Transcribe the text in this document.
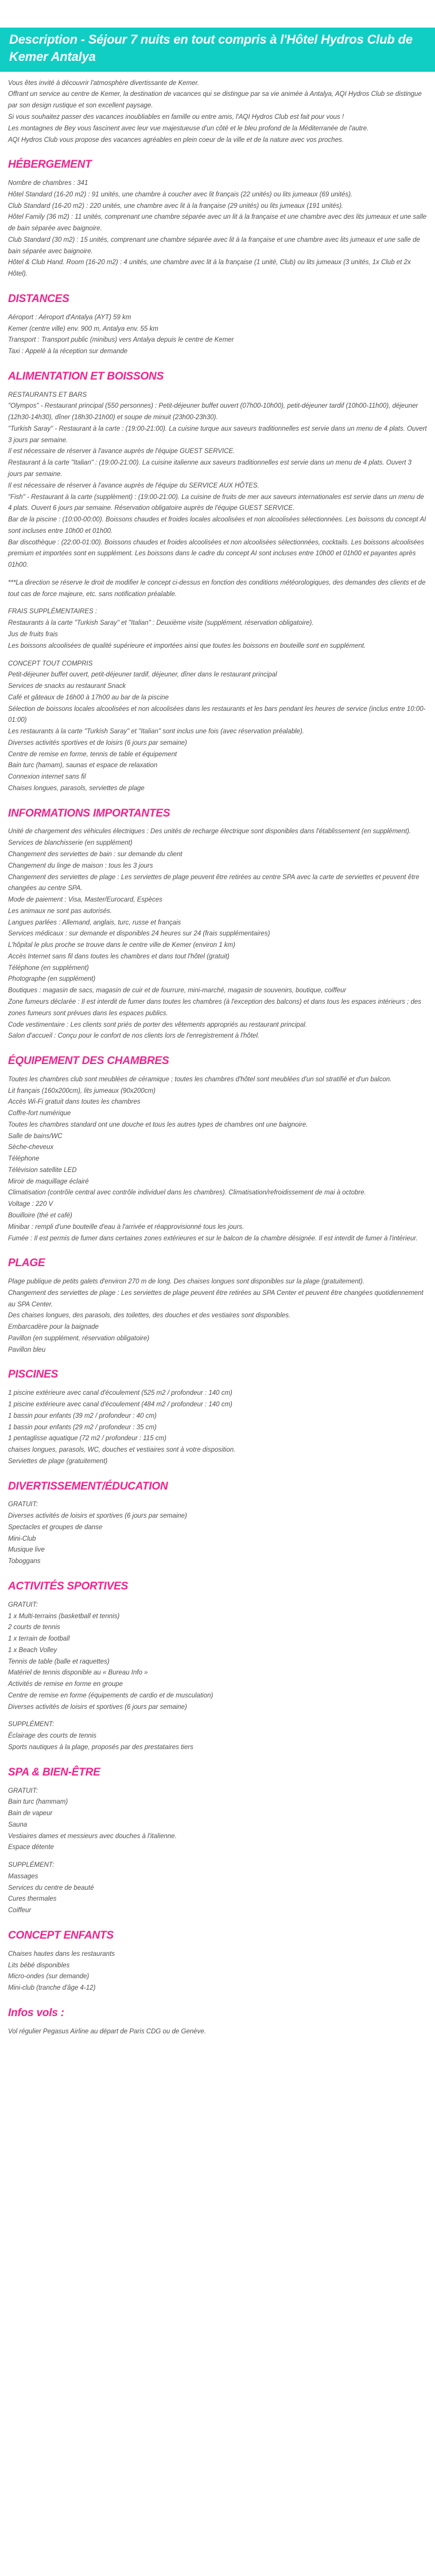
Description - Séjour 7 nuits en tout compris à l'Hôtel Hydros Club de Kemer Antalya

Vous êtes invité à découvrir l'atmosphère divertissante de Kemer.

Offrant un service au centre de Kemer, la destination de vacances qui se distingue par sa vie animée à Antalya, AQI Hydros Club se distingue par son design rustique et son excellent paysage.

Si vous souhaitez passer des vacances inoubliables en famille ou entre amis, l'AQI Hydros Club est fait pour vous !

Les montagnes de Bey vous fascinent avec leur vue majestueuse d'un côté et le bleu profond de la Méditerranée de l'autre.

AQI Hydros Club vous propose des vacances agréables en plein coeur de la ville et de la nature avec vos proches.

HÉBERGEMENT

Nombre de chambres : 341

Hôtel Standard (16-20 m2) : 91 unités, une chambre à coucher avec lit français (22 unités) ou lits jumeaux (69 unités).

Club Standard (16-20 m2) : 220 unités, une chambre avec lit à la française (29 unités) ou lits jumeaux (191 unités).

Hôtel Family (36 m2) : 11 unités, comprenant une chambre séparée avec un lit à la française et une chambre avec des lits jumeaux et une salle de bain séparée avec baignoire.

Club Standard (30 m2) : 15 unités, comprenant une chambre séparée avec lit à la française et une chambre avec lits jumeaux et une salle de bain séparée avec baignoire.

Hôtel & Club Hand. Room (16-20 m2) : 4 unités, une chambre avec lit à la française (1 unité, Club) ou lits jumeaux (3 unités, 1x Club et 2x Hôtel).

DISTANCES

Aéroport : Aéroport d'Antalya (AYT) 59 km

Kemer (centre ville) env. 900 m, Antalya env. 55 km

Transport : Transport public (minibus) vers Antalya depuis le centre de Kemer

Taxi : Appelé à la réception sur demande

ALIMENTATION ET BOISSONS

RESTAURANTS ET BARS

"Olympos" - Restaurant principal (550 personnes) : Petit-déjeuner buffet ouvert (07h00-10h00), petit-déjeuner tardif (10h00-11h00), déjeuner (12h30-14h30), dîner (18h30-21h00) et soupe de minuit (23h00-23h30).

"Turkish Saray" - Restaurant à la carte : (19:00-21:00). La cuisine turque aux saveurs traditionnelles est servie dans un menu de 4 plats. Ouvert 3 jours par semaine.

Il est nécessaire de réserver à l'avance auprès de l'équipe GUEST SERVICE.

Restaurant à la carte "Italian" : (19:00-21:00). La cuisine italienne aux saveurs traditionnelles est servie dans un menu de 4 plats. Ouvert 3 jours par semaine.

Il est nécessaire de réserver à l'avance auprès de l'équipe du SERVICE AUX HÔTES.

"Fish" - Restaurant à la carte (supplément) : (19:00-21:00). La cuisine de fruits de mer aux saveurs internationales est servie dans un menu de 4 plats. Ouvert 6 jours par semaine. Réservation obligatoire auprès de l'équipe GUEST SERVICE.

Bar de la piscine : (10:00-00:00). Boissons chaudes et froides locales alcoolisées et non alcoolisées sélectionnées. Les boissons du concept AI sont incluses entre 10h00 et 01h00.

Bar discothèque : (22:00-01:00). Boissons chaudes et froides alcoolisées et non alcoolisées sélectionnées, cocktails. Les boissons alcoolisées premium et importées sont en supplément. Les boissons dans le cadre du concept AI sont incluses entre 10h00 et 01h00 et payantes après 01h00.

***La direction se réserve le droit de modifier le concept ci-dessus en fonction des conditions météorologiques, des demandes des clients et de tout cas de force majeure, etc. sans notification préalable.

FRAIS SUPPLÉMENTAIRES :

Restaurants à la carte "Turkish Saray" et "Italian" : Deuxième visite (supplément, réservation obligatoire).

Jus de fruits frais

Les boissons alcoolisées de qualité supérieure et importées ainsi que toutes les boissons en bouteille sont en supplément.

CONCEPT TOUT COMPRIS

Petit-déjeuner buffet ouvert, petit-déjeuner tardif, déjeuner, dîner dans le restaurant principal

Services de snacks au restaurant Snack

Café et gâteaux de 16h00 à 17h00 au bar de la piscine

Sélection de boissons locales alcoolisées et non alcoolisées dans les restaurants et les bars pendant les heures de service (inclus entre 10:00-01:00)

Les restaurants à la carte "Turkish Saray" et "Italian" sont inclus une fois (avec réservation préalable).

Diverses activités sportives et de loisirs (6 jours par semaine)

Centre de remise en forme, tennis de table et équipement

Bain turc (hamam), saunas et espace de relaxation

Connexion internet sans fil

Chaises longues, parasols, serviettes de plage

INFORMATIONS IMPORTANTES

Unité de chargement des véhicules électriques : Des unités de recharge électrique sont disponibles dans l'établissement (en supplément).

Services de blanchisserie (en supplément)

Changement des serviettes de bain : sur demande du client

Changement du linge de maison : tous les 3 jours

Changement des serviettes de plage : Les serviettes de plage peuvent être retirées au centre SPA avec la carte de serviettes et peuvent être changées au centre SPA.

Mode de paiement : Visa, Master/Eurocard, Espèces

Les animaux ne sont pas autorisés.

Langues parlées : Allemand, anglais, turc, russe et français

Services médicaux : sur demande et disponibles 24 heures sur 24 (frais supplémentaires)

L'hôpital le plus proche se trouve dans le centre ville de Kemer (environ 1 km)

Accès Internet sans fil dans toutes les chambres et dans tout l'hôtel (gratuit)

Téléphone (en supplément)

Photographe (en supplément)

Boutiques : magasin de sacs, magasin de cuir et de fourrure, mini-marché, magasin de souvenirs, boutique, coiffeur

Zone fumeurs déclarée : Il est interdit de fumer dans toutes les chambres (à l'exception des balcons) et dans tous les espaces intérieurs ; des zones fumeurs sont prévues dans les espaces publics.

Code vestimentaire : Les clients sont priés de porter des vêtements appropriés au restaurant principal.

Salon d'accueil : Conçu pour le confort de nos clients lors de l'enregistrement à l'hôtel.

ÉQUIPEMENT DES CHAMBRES

Toutes les chambres club sont meublées de céramique ; toutes les chambres d'hôtel sont meublées d'un sol stratifié et d'un balcon.

Lit français (160x200cm), lits jumeaux (90x200cm)

Accès Wi-Fi gratuit dans toutes les chambres

Coffre-fort numérique

Toutes les chambres standard ont une douche et tous les autres types de chambres ont une baignoire.

Salle de bains/WC

Sèche-cheveux

Téléphone

Télévision satellite LED

Miroir de maquillage éclairé

Climatisation (contrôle central avec contrôle individuel dans les chambres). Climatisation/refroidissement de mai à octobre.

Voltage : 220 V

Bouilloire (thé et café)

Minibar : rempli d'une bouteille d'eau à l'arrivée et réapprovisionné tous les jours.

Fumée : Il est permis de fumer dans certaines zones extérieures et sur le balcon de la chambre désignée. Il est interdit de fumer à l'intérieur.

PLAGE

Plage publique de petits galets d'environ 270 m de long. Des chaises longues sont disponibles sur la plage (gratuitement).

Changement des serviettes de plage : Les serviettes de plage peuvent être retirées au SPA Center et peuvent être changées quotidiennement au SPA Center.

Des chaises longues, des parasols, des toilettes, des douches et des vestiaires sont disponibles.

Embarcadère pour la baignade

Pavillon (en supplément, réservation obligatoire)

Pavillon bleu

PISCINES

1 piscine extérieure avec canal d'écoulement (525 m2 / profondeur : 140 cm)

1 piscine extérieure avec canal d'écoulement (484 m2 / profondeur : 140 cm)

1 bassin pour enfants (39 m2 / profondeur : 40 cm)

1 bassin pour enfants (29 m2 / profondeur : 35 cm)

1 pentaglisse aquatique (72 m2 / profondeur : 115 cm)

chaises longues, parasols, WC, douches et vestiaires sont à votre disposition.

Serviettes de plage (gratuitement)

DIVERTISSEMENT/ÉDUCATION

GRATUIT:

Diverses activités de loisirs et sportives (6 jours par semaine)

Spectacles et groupes de danse

Mini-Club

Musique live

Toboggans

ACTIVITÉS SPORTIVES

GRATUIT:

1 x Multi-terrains (basketball et tennis)

2 courts de tennis

1 x terrain de football

1 x Beach Volley

Tennis de table (balle et raquettes)

Matériel de tennis disponible au « Bureau Info »

Activités de remise en forme en groupe

Centre de remise en forme (équipements de cardio et de musculation)

Diverses activités de loisirs et sportives (6 jours par semaine)

SUPPLÉMENT:

Éclairage des courts de tennis

Sports nautiques à la plage, proposés par des prestataires tiers

SPA & BIEN-ÊTRE

GRATUIT:

Bain turc (hammam)

Bain de vapeur

Sauna

Vestiaires dames et messieurs avec douches à l'italienne.

Espace détente

SUPPLÉMENT:

Massages

Services du centre de beauté

Cures thermales

Coiffeur

CONCEPT ENFANTS

Chaises hautes dans les restaurants

Lits bébé disponibles

Micro-ondes (sur demande)

Mini-club (tranche d'âge 4-12)

Infos vols :

Vol régulier Pegasus Airline au départ de Paris CDG ou de Genève.
